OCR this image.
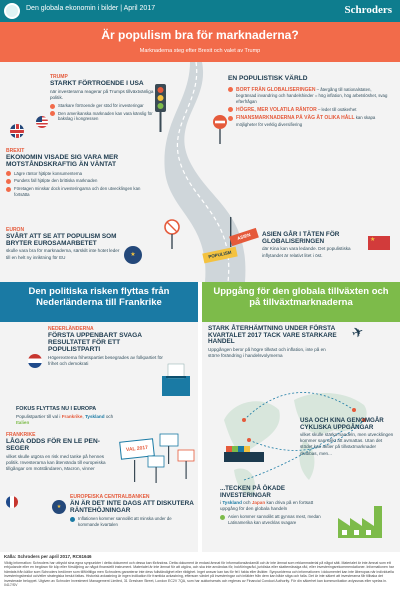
Den globala ekonomin i bilder | April 2017	Schroders
Är populism bra för marknaderna?
Marknaderna steg efter Brexit och valet av Trump
POPULISM
ASIEN
TRUMP
STARKT FÖRTROENDE I USA
när investerarna reagerar på Trumps tillväxtvänliga politik.
Starkare förtroende ger stöd för investeringar
Den amerikanska marknaden kan vara känslig för bakslag i kongressen
BREXIT
EKONOMIN VISADE SIG VARA MER MOTSTÅNDSKRAFTIG ÄN VÄNTAT
Lägre räntor hjälpte konsumenterna
Pundets fall hjälpte den brittiska marknaden
Företagen minskar dock investeringarna och den utvecklingen kan fortsätta
EURON
SVÅRT ATT SE ATT POPULISM SOM BRYTER EUROSAMARBETET
skulle vara bra för marknaderna, särskilt inte hotet leder till en helt ny inriktning för EU	★
EN POPULISTISK VÄRLD
BORT FRÅN GLOBALISERINGEN – återgång till nationalstaten, begränsad invandring och handelshinder = hög inflation, hög arbetslöshet, svag efterfrågan
HÖGRE, MER VOLATILA RÄNTOR – leder till osäkerhet
FINANSMARKNADERNA PÅ VÄG ÅT OLIKA HÅLL kan skapa möjligheter för verklig diversifiering
★
ASIEN GÅR I TÄTEN FÖR GLOBALISERINGEN
där Kina kan vara ledande. Det populistiska inflytandet är relativt litet i öst.
Den politiska risken flyttas från Nederländerna till Frankrike
Uppgång för den globala tillväxten och på tillväxtmarknaderna
NEDERLÄNDERNA
FÖRSTA UPPENBART SVAGA RESULTATET FÖR ETT POPULISTPARTI
Högerextrema frihetspartiet besegrades av folkpartiet för frihet och demokrati
FOKUS FLYTTAS NU I EUROPA
Populistpartier till val i Frankrike, Tyskland och Italien
FRANKRIKE
LÅGA ODDS FÖR EN LE PEN-SEGER
vilket skulle utgöra en risk med tanke på hennes politik. Investerarna kan återvända till europeiska tillgångar om motståndaren, Macron, vinner
VAL 2017
EUROPEISKA CENTRALBANKEN
ÄN ÄR DET INTE DAGS ATT DISKUTERA RÄNTEHÖJNINGAR
Inflationen kommer sannolikt att minska under de kommande kvartalen
★
✈
STARK ÅTERHÄMTNING UNDER FÖRSTA KVARTALET 2017 TACK VARE STARKARE HANDEL
Uppgången beror på högre tillväxt och inflation, inte på en större förändring i handelsvolymerna
USA OCH KINA GENOMGÅR CYKLISKA UPPGÅNGAR
vilket skulle stärka handeln, men utvecklingen kommer sannolikt att avmattas. Utan det stödet kan aktier på tillväxtmarknader drabbas, men...
...TECKEN PÅ ÖKADE INVESTERINGAR
i Tyskland och Japan kan driva på en fortsatt uppgång för den globala handeln
Asien kommer sannolikt att gynnas mest, medan Latinamerika kan utvecklas svagare
Källa: Schroders per april 2017, RC61646
Viktig information: Schroders har uttryckt sina egna synpunkter i detta dokument och dessa kan förändras. Detta dokument är endast ämnat för informationsändamål och är inte ämnat som reklammaterial på något sätt. Materialet är inte ämnat som ett erbjudande eller en begäran för köp eller försäljning av något finansiellt instrument. Materialet är inte ämnat för att utgöra, och ska inte användas för, bokföringsråd, juridiska eller skattemässiga råd, eller investeringsrekommendationer. Informationen har hämtats från källor som Schroders bedömer som tillförlitliga men Schroders garanterar inte dess fullständighet eller riktighet. Inget ansvar kan tas för fel i fakta eller åsikter. Synpunkterna och informationen i dokumentet kan inte åberopas när individuella investeringsbeslut och/eller strategiska beslut fattas. Historisk avkastning är ingen indikation för framtida avkastning, eftersom värdet på investeringar och intäkter från dem kan både stiga och falla. Det är inte säkert att investerarna får tillbaka det investerade beloppet. Utgiven av Schroder Investment Management Limited, 31 Gresham Street, London EC2V 7QA, som har auktoriserats och regleras av Financial Conduct Authority. För din säkerhet kan kommunikation avlyssnas eller spelas in. 0417/SV
